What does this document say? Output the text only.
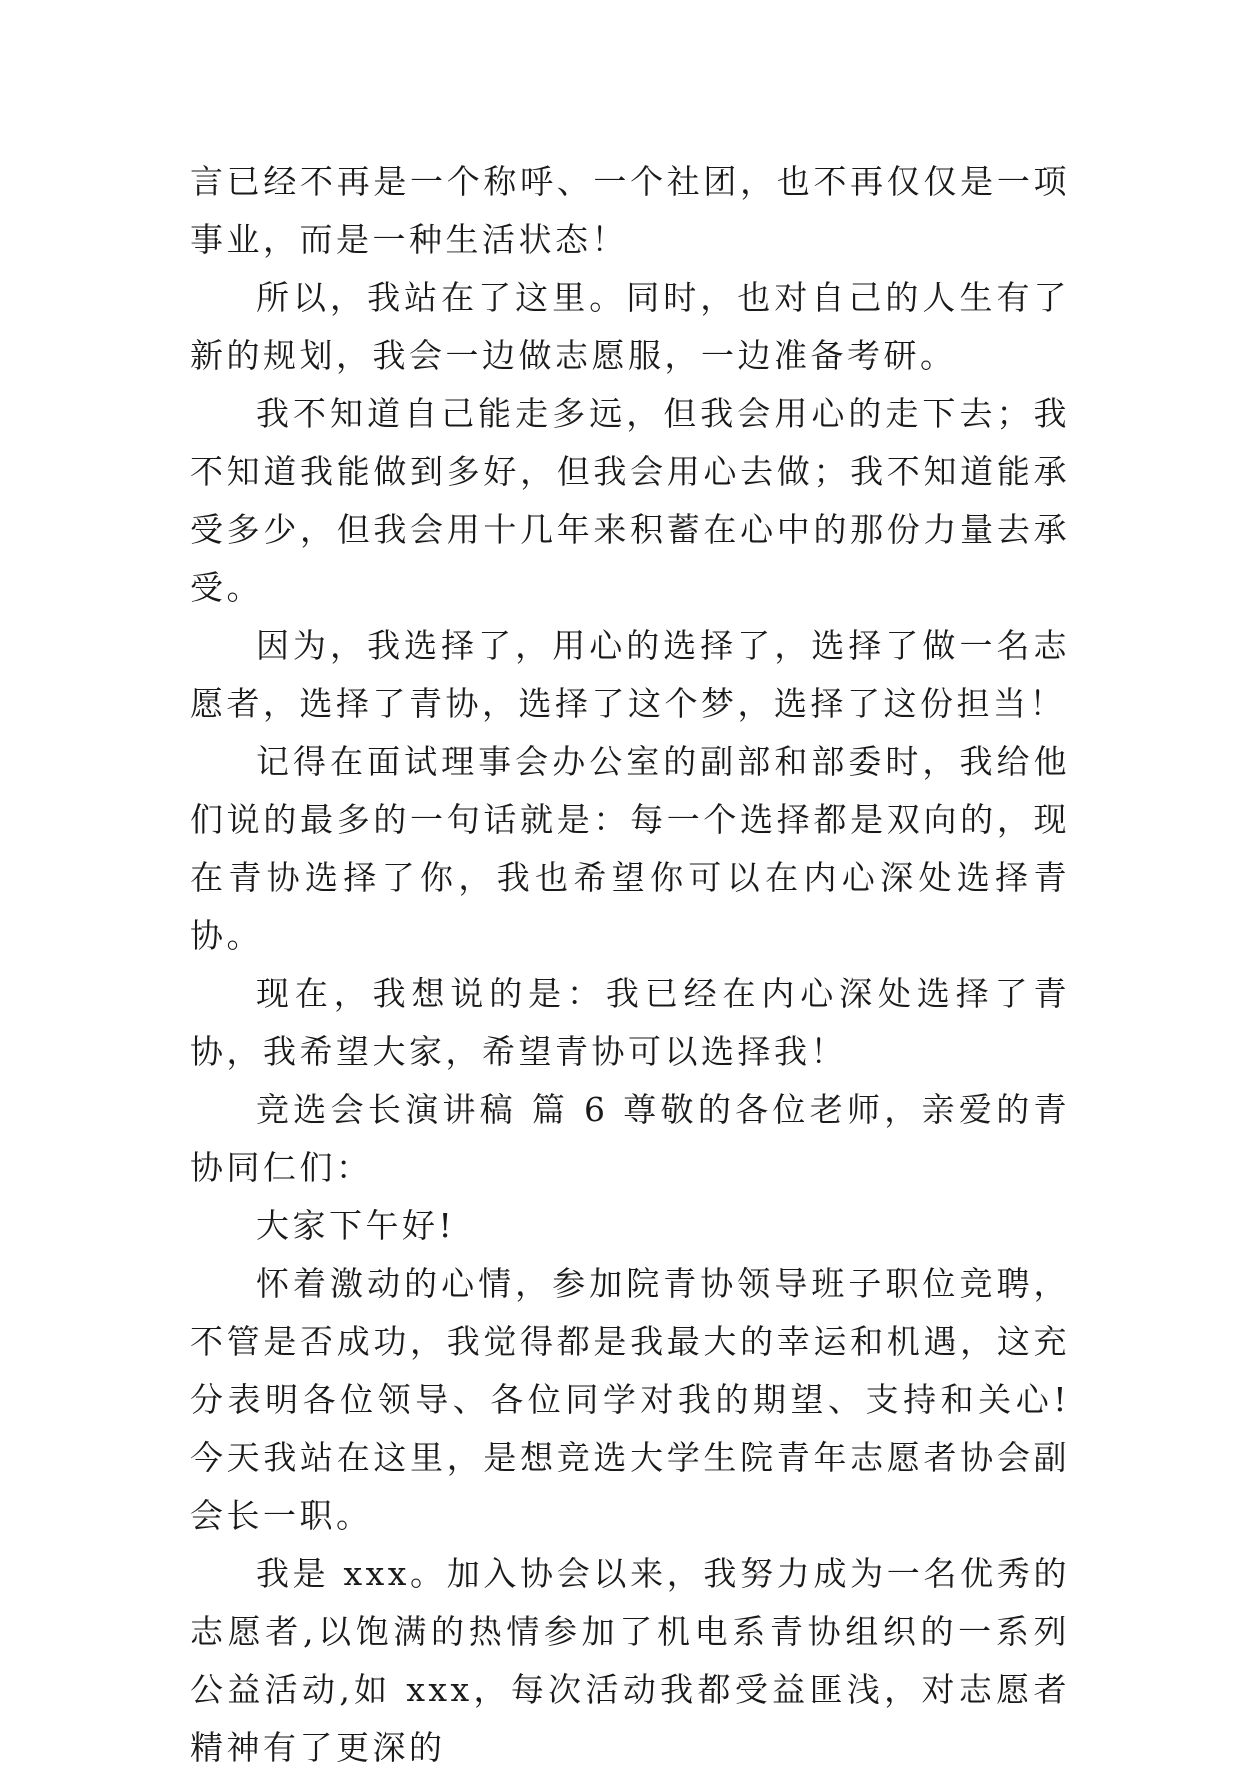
言已经不再是一个称呼、一个社团，也不再仅仅是一项事业，而是一种生活状态！

所以，我站在了这里。同时，也对自己的人生有了新的规划，我会一边做志愿服，一边准备考研。

我不知道自己能走多远，但我会用心的走下去；我不知道我能做到多好，但我会用心去做；我不知道能承受多少，但我会用十几年来积蓄在心中的那份力量去承受。

因为，我选择了，用心的选择了，选择了做一名志愿者，选择了青协，选择了这个梦，选择了这份担当！

记得在面试理事会办公室的副部和部委时，我给他们说的最多的一句话就是：每一个选择都是双向的，现在青协选择了你，我也希望你可以在内心深处选择青协。

现在，我想说的是：我已经在内心深处选择了青协，我希望大家，希望青协可以选择我！

竞选会长演讲稿 篇 6 尊敬的各位老师，亲爱的青协同仁们：

大家下午好!

怀着激动的心情，参加院青协领导班子职位竞聘，不管是否成功，我觉得都是我最大的幸运和机遇，这充分表明各位领导、各位同学对我的期望、支持和关心!今天我站在这里，是想竞选大学生院青年志愿者协会副会长一职。

我是 xxx。加入协会以来，我努力成为一名优秀的志愿者,以饱满的热情参加了机电系青协组织的一系列公益活动,如 xxx，每次活动我都受益匪浅，对志愿者精神有了更深的
